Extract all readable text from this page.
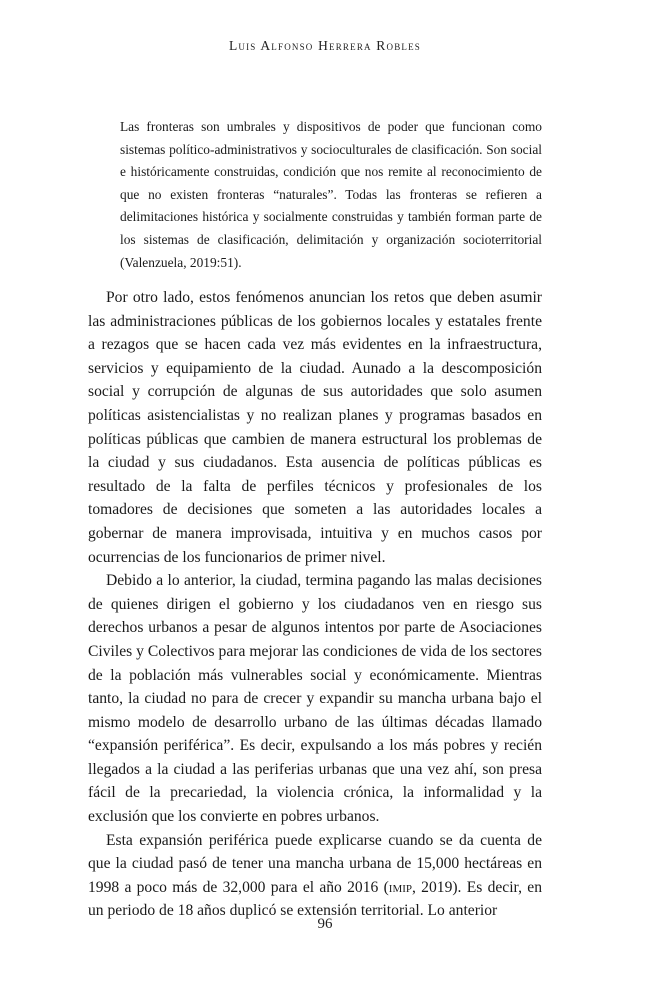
Luis Alfonso Herrera Robles

Las fronteras son umbrales y dispositivos de poder que funcionan como sistemas político-administrativos y socioculturales de clasificación. Son social e históricamente construidas, condición que nos remite al reconocimiento de que no existen fronteras “naturales”. Todas las fronteras se refieren a delimitaciones histórica y socialmente construidas y también forman parte de los sistemas de clasificación, delimitación y organización socioterritorial (Valenzuela, 2019:51).

Por otro lado, estos fenómenos anuncian los retos que deben asumir las administraciones públicas de los gobiernos locales y estatales frente a rezagos que se hacen cada vez más evidentes en la infraestructura, servicios y equipamiento de la ciudad. Aunado a la descomposición social y corrupción de algunas de sus autoridades que solo asumen políticas asistencialistas y no realizan planes y programas basados en políticas públicas que cambien de manera estructural los problemas de la ciudad y sus ciudadanos. Esta ausencia de políticas públicas es resultado de la falta de perfiles técnicos y profesionales de los tomadores de decisiones que someten a las autoridades locales a gobernar de manera improvisada, intuitiva y en muchos casos por ocurrencias de los funcionarios de primer nivel.

Debido a lo anterior, la ciudad, termina pagando las malas decisiones de quienes dirigen el gobierno y los ciudadanos ven en riesgo sus derechos urbanos a pesar de algunos intentos por parte de Asociaciones Civiles y Colectivos para mejorar las condiciones de vida de los sectores de la población más vulnerables social y económicamente. Mientras tanto, la ciudad no para de crecer y expandir su mancha urbana bajo el mismo modelo de desarrollo urbano de las últimas décadas llamado “expansión periférica”. Es decir, expulsando a los más pobres y recién llegados a la ciudad a las periferias urbanas que una vez ahí, son presa fácil de la precariedad, la violencia crónica, la informalidad y la exclusión que los convierte en pobres urbanos.

Esta expansión periférica puede explicarse cuando se da cuenta de que la ciudad pasó de tener una mancha urbana de 15,000 hectáreas en 1998 a poco más de 32,000 para el año 2016 (imip, 2019). Es decir, en un periodo de 18 años duplicó se extensión territorial. Lo anterior

96
